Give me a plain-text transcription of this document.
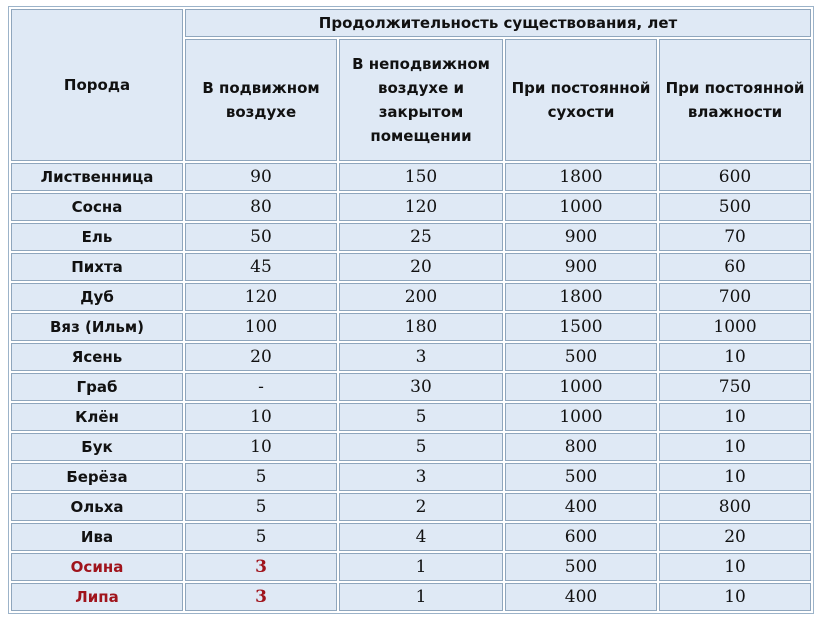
Порода	Продолжительность существования, лет			
	В подвижном воздухе	В неподвижном воздухе и закрытом помещении	При постоянной сухости	При постоянной влажности
Лиственница	90	150	1800	600
Сосна	80	120	1000	500
Ель	50	25	900	70
Пихта	45	20	900	60
Дуб	120	200	1800	700
Вяз (Ильм)	100	180	1500	1000
Ясень	20	3	500	10
Граб	-	30	1000	750
Клён	10	5	1000	10
Бук	10	5	800	10
Берёза	5	3	500	10
Ольха	5	2	400	800
Ива	5	4	600	20
Осина	3	1	500	10
Липа	3	1	400	10
